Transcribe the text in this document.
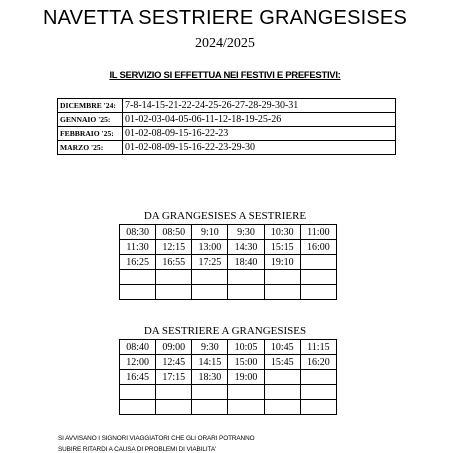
NAVETTA SESTRIERE GRANGESISES
2024/2025
IL SERVIZIO SI EFFETTUA NEI FESTIVI E PREFESTIVI:
DICEMBRE '24:	7-8-14-15-21-22-24-25-26-27-28-29-30-31
GENNAIO '25:	01-02-03-04-05-06-11-12-18-19-25-26
FEBBRAIO '25:	01-02-08-09-15-16-22-23
MARZO '25:	01-02-08-09-15-16-22-23-29-30
DA GRANGESISES A SESTRIERE
08:30	08:50	9:10	9:30	10:30	11:00
11:30	12:15	13:00	14:30	15:15	16:00
16:25	16:55	17:25	18:40	19:10	

DA SESTRIERE A GRANGESISES
08:40	09:00	9:30	10:05	10:45	11:15
12:00	12:45	14:15	15:00	15:45	16:20
16:45	17:15	18:30	19:00		

SI AVVISANO I SIGNORI VIAGGIATORI CHE GLI ORARI POTRANNO
SUBIRE RITARDI A CAUSA DI PROBLEMI DI VIABILITA'
